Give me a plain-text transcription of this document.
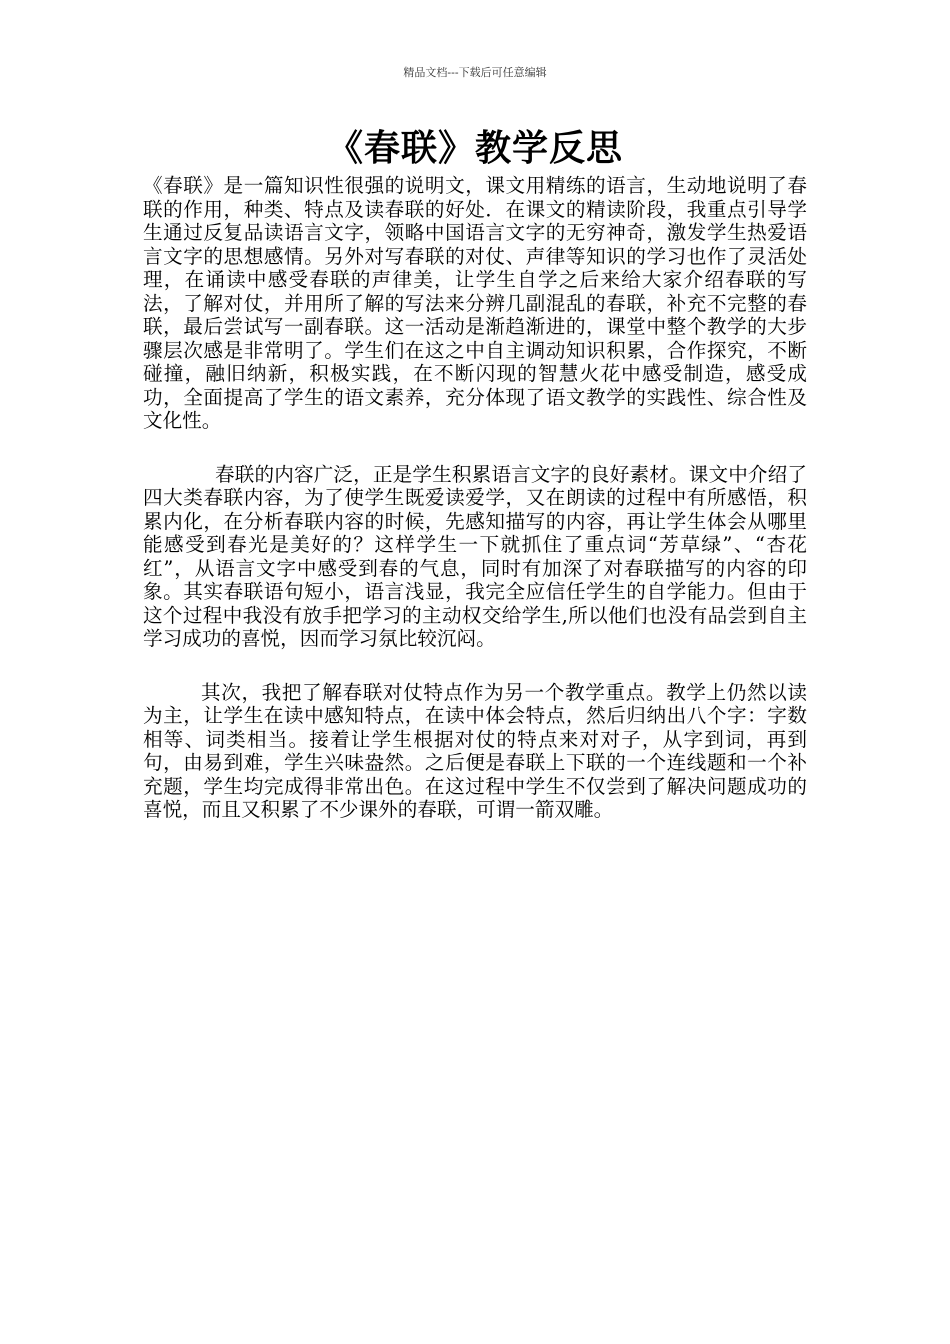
精品文档---下载后可任意编辑
《春联》教学反思

《春联》是一篇知识性很强的说明文，课文用精练的语言，生动地说明了春联的作用，种类、特点及读春联的好处．在课文的精读阶段，我重点引导学生通过反复品读语言文字，领略中国语言文字的无穷神奇，激发学生热爱语言文字的思想感情。另外对写春联的对仗、声律等知识的学习也作了灵活处理，在诵读中感受春联的声律美，让学生自学之后来给大家介绍春联的写法，了解对仗，并用所了解的写法来分辨几副混乱的春联，补充不完整的春联，最后尝试写一副春联。这一活动是渐趋渐进的，课堂中整个教学的大步骤层次感是非常明了。学生们在这之中自主调动知识积累，合作探究，不断碰撞，融旧纳新，积极实践，在不断闪现的智慧火花中感受制造，感受成功，全面提高了学生的语文素养，充分体现了语文教学的实践性、综合性及文化性。

春联的内容广泛，正是学生积累语言文字的良好素材。课文中介绍了四大类春联内容，为了使学生既爱读爱学，又在朗读的过程中有所感悟，积累内化，在分析春联内容的时候，先感知描写的内容，再让学生体会从哪里能感受到春光是美好的？这样学生一下就抓住了重点词“芳草绿”、“杏花红”，从语言文字中感受到春的气息，同时有加深了对春联描写的内容的印象。其实春联语句短小，语言浅显，我完全应信任学生的自学能力。但由于这个过程中我没有放手把学习的主动权交给学生,所以他们也没有品尝到自主学习成功的喜悦，因而学习氛比较沉闷。

其次，我把了解春联对仗特点作为另一个教学重点。教学上仍然以读为主，让学生在读中感知特点，在读中体会特点，然后归纳出八个字：字数相等、词类相当。接着让学生根据对仗的特点来对对子，从字到词，再到句，由易到难，学生兴味盎然。之后便是春联上下联的一个连线题和一个补充题，学生均完成得非常出色。在这过程中学生不仅尝到了解决问题成功的喜悦，而且又积累了不少课外的春联，可谓一箭双雕。
